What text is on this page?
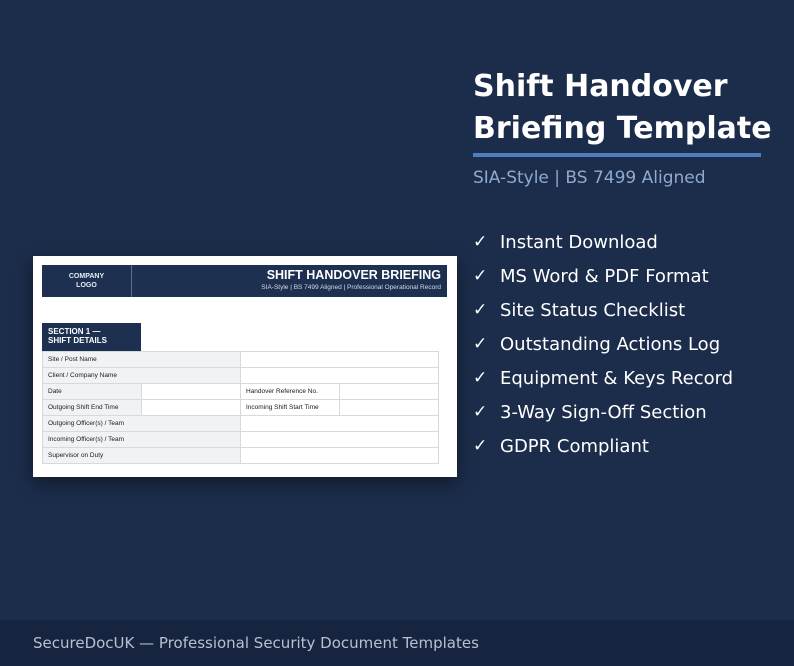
COMPANY
LOGO
SHIFT HANDOVER BRIEFING
SIA-Style | BS 7499 Aligned | Professional Operational Record
SECTION 1 —
SHIFT DETAILS
Site / Post Name			
Client / Company Name			
Date		Handover Reference No.	
Outgoing Shift End Time		Incoming Shift Start Time	
Outgoing Officer(s) / Team			
Incoming Officer(s) / Team			
Supervisor on Duty			
Shift Handover
Briefing Template
SIA-Style | BS 7499 Aligned
✓ Instant Download
✓ MS Word & PDF Format
✓ Site Status Checklist
✓ Outstanding Actions Log
✓ Equipment & Keys Record
✓ 3-Way Sign-Off Section
✓ GDPR Compliant
SecureDocUK — Professional Security Document Templates
